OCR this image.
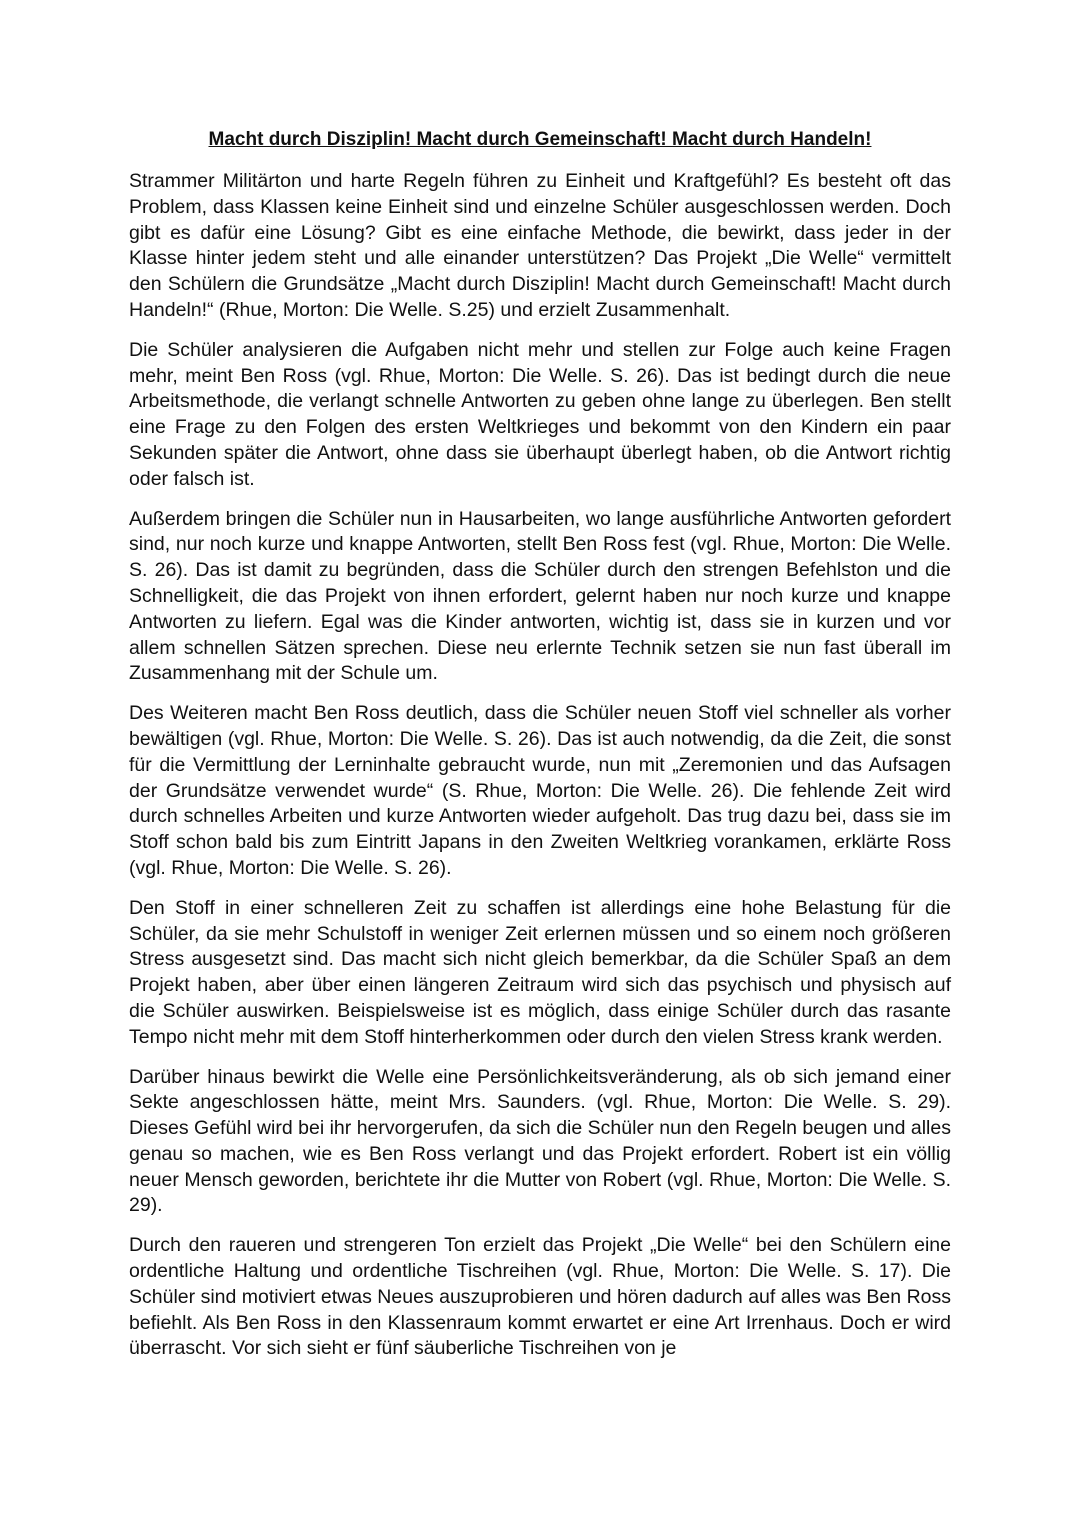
Macht durch Disziplin! Macht durch Gemeinschaft! Macht durch Handeln!

Strammer Militärton und harte Regeln führen zu Einheit und Kraftgefühl? Es besteht oft das Problem, dass Klassen keine Einheit sind und einzelne Schüler ausgeschlossen werden. Doch gibt es dafür eine Lösung? Gibt es eine einfache Methode, die bewirkt, dass jeder in der Klasse hinter jedem steht und alle einander unterstützen? Das Projekt „Die Welle“ vermittelt den Schülern die Grundsätze „Macht durch Disziplin! Macht durch Gemeinschaft! Macht durch Handeln!“ (Rhue, Morton: Die Welle. S.25) und erzielt Zusammenhalt.

Die Schüler analysieren die Aufgaben nicht mehr und stellen zur Folge auch keine Fragen mehr, meint Ben Ross (vgl. Rhue, Morton: Die Welle. S. 26). Das ist bedingt durch die neue Arbeitsmethode, die verlangt schnelle Antworten zu geben ohne lange zu überlegen. Ben stellt eine Frage zu den Folgen des ersten Weltkrieges und bekommt von den Kindern ein paar Sekunden später die Antwort, ohne dass sie überhaupt überlegt haben, ob die Antwort richtig oder falsch ist.

Außerdem bringen die Schüler nun in Hausarbeiten, wo lange ausführliche Antworten gefordert sind, nur noch kurze und knappe Antworten, stellt Ben Ross fest (vgl. Rhue, Morton: Die Welle. S. 26). Das ist damit zu begründen, dass die Schüler durch den strengen Befehlston und die Schnelligkeit, die das Projekt von ihnen erfordert, gelernt haben nur noch kurze und knappe Antworten zu liefern. Egal was die Kinder antworten, wichtig ist, dass sie in kurzen und vor allem schnellen Sätzen sprechen. Diese neu erlernte Technik setzen sie nun fast überall im Zusammenhang mit der Schule um.

Des Weiteren macht Ben Ross deutlich, dass die Schüler neuen Stoff viel schneller als vorher bewältigen (vgl. Rhue, Morton: Die Welle. S. 26). Das ist auch notwendig, da die Zeit, die sonst für die Vermittlung der Lerninhalte gebraucht wurde, nun mit „Zeremonien und das Aufsagen der Grundsätze verwendet wurde“ (S. Rhue, Morton: Die Welle. 26). Die fehlende Zeit wird durch schnelles Arbeiten und kurze Antworten wieder aufgeholt. Das trug dazu bei, dass sie im Stoff schon bald bis zum Eintritt Japans in den Zweiten Weltkrieg vorankamen, erklärte Ross (vgl. Rhue, Morton: Die Welle. S. 26).

Den Stoff in einer schnelleren Zeit zu schaffen ist allerdings eine hohe Belastung für die Schüler, da sie mehr Schulstoff in weniger Zeit erlernen müssen und so einem noch größeren Stress ausgesetzt sind. Das macht sich nicht gleich bemerkbar, da die Schüler Spaß an dem Projekt haben, aber über einen längeren Zeitraum wird sich das psychisch und physisch auf die Schüler auswirken. Beispielsweise ist es möglich, dass einige Schüler durch das rasante Tempo nicht mehr mit dem Stoff hinterherkommen oder durch den vielen Stress krank werden.

Darüber hinaus bewirkt die Welle eine Persönlichkeitsveränderung, als ob sich jemand einer Sekte angeschlossen hätte, meint Mrs. Saunders. (vgl. Rhue, Morton: Die Welle. S. 29). Dieses Gefühl wird bei ihr hervorgerufen, da sich die Schüler nun den Regeln beugen und alles genau so machen, wie es Ben Ross verlangt und das Projekt erfordert. Robert ist ein völlig neuer Mensch geworden, berichtete ihr die Mutter von Robert (vgl. Rhue, Morton: Die Welle. S. 29).

Durch den raueren und strengeren Ton erzielt das Projekt „Die Welle“ bei den Schülern eine ordentliche Haltung und ordentliche Tischreihen (vgl. Rhue, Morton: Die Welle. S. 17). Die Schüler sind motiviert etwas Neues auszuprobieren und hören dadurch auf alles was Ben Ross befiehlt. Als Ben Ross in den Klassenraum kommt erwartet er eine Art Irrenhaus. Doch er wird überrascht. Vor sich sieht er fünf säuberliche Tischreihen von je
